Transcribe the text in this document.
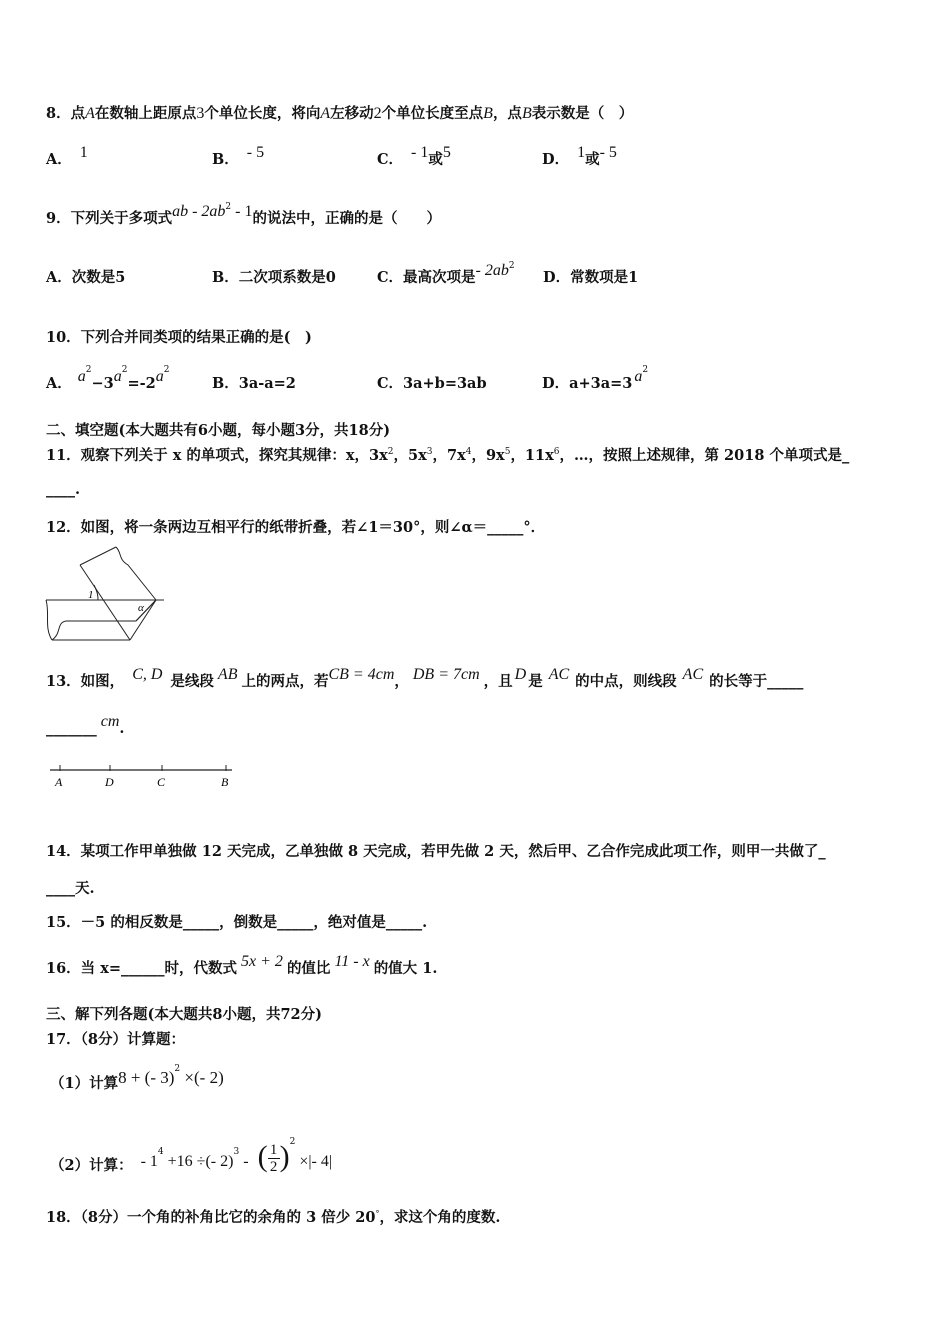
8．点A在数轴上距原点3个单位长度，将向A左移动2个单位长度至点B，点B表示数是（　）
A． 1	B． - 5	C． - 1或5	D． 1或- 5
9．下列关于多项式ab - $2ab^2 - 1$的说法中，正确的是（　　）
A．次数是5	B．二次项系数是0	C．最高次项是- $2ab^2$
D．常数项是1
10．下列合并同类项的结果正确的是(　)
A． $a^2-3a^2=-2a^2$
B．3a-a=2	C．3a+b=3ab	D．a+3a=3 $a^2$
二、填空题(本大题共有6小题，每小题3分，共18分)
11．观察下列关于 x 的单项式，探究其规律：x，$3x^2$，$5x^3$，$7x^4$，$9x^5$，$11x^6$，…，按照上述规律，第 2018 个单项式是_
____.
12．如图，将一条两边互相平行的纸带折叠，若∠1＝30°，则∠α＝_____°．
1
α
13．如图， C, D 是线段 AB 上的两点，若CB = 4cm， DB = 7cm ，且 D 是 AC 的中点，则线段 AC 的长等于_____
_______ cm.
A	D	C	B
14．某项工作甲单独做 12 天完成，乙单独做 8 天完成，若甲先做 2 天，然后甲、乙合作完成此项工作，则甲一共做了_
____天.
15．－5 的相反数是_____，倒数是_____，绝对值是_____.
16．当 x=______时，代数式 5x + 2 的值比 11 - x 的值大 1.
三、解下列各题(本大题共8小题，共72分)
17．（8分）计算题：
（1）计算8 + (- 3)$^2$ ×(- 2)
（2）计算： - $1^4 +16$ ÷(- 2)$^3$ - ( $\frac{1}{2} )^2$ ×|- 4|
18．（8分）一个角的补角比它的余角的 3 倍少 20°，求这个角的度数.
